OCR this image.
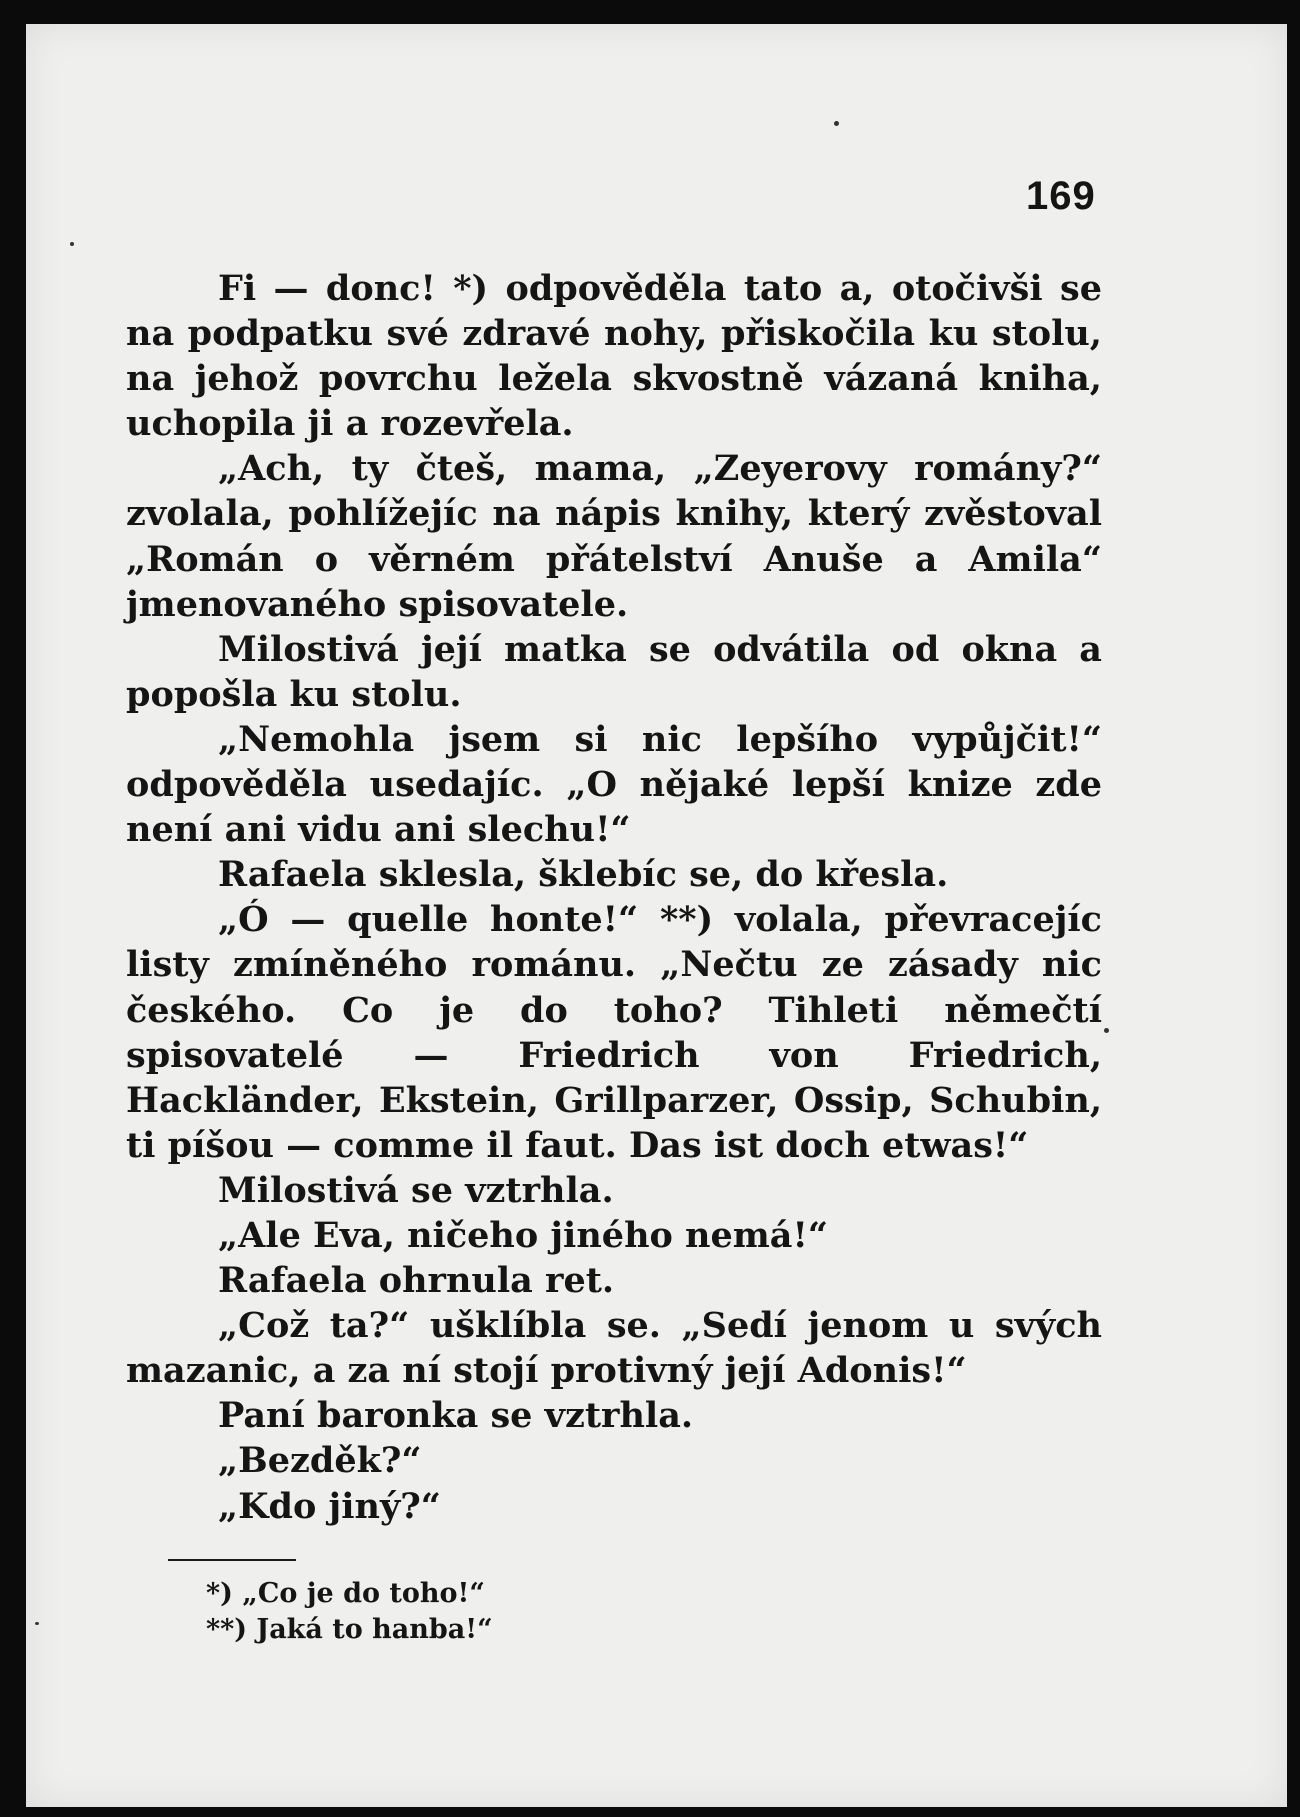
169

Fi — donc! *) odpověděla tato a, otočivši se na podpatku své zdravé nohy, přiskočila ku stolu, na jehož povrchu ležela skvostně vázaná kniha, uchopila ji a rozevřela.

„Ach, ty čteš, mama, „Zeyerovy romány?“ zvolala, pohlížejíc na nápis knihy, který zvěstoval „Román o věrném přátelství Anuše a Amila“ jmenovaného spisovatele.

Milostivá její matka se odvátila od okna a popošla ku stolu.

„Nemohla jsem si nic lepšího vypůjčit!“ odpověděla usedajíc. „O nějaké lepší knize zde není ani vidu ani slechu!“

Rafaela sklesla, šklebíc se, do křesla.

„Ó — quelle honte!“ **) volala, převracejíc listy zmíněného románu. „Nečtu ze zásady nic českého. Co je do toho? Tihleti němečtí spisovatelé — Friedrich von Friedrich, Hackländer, Ekstein, Grillparzer, Ossip, Schubin, ti píšou — comme il faut. Das ist doch etwas!“

Milostivá se vztrhla.

„Ale Eva, ničeho jiného nemá!“

Rafaela ohrnula ret.

„Což ta?“ ušklíbla se. „Sedí jenom u svých mazanic, a za ní stojí protivný její Adonis!“

Paní baronka se vztrhla.

„Bezděk?“

„Kdo jiný?“

*) „Co je do toho!“
**) Jaká to hanba!“
